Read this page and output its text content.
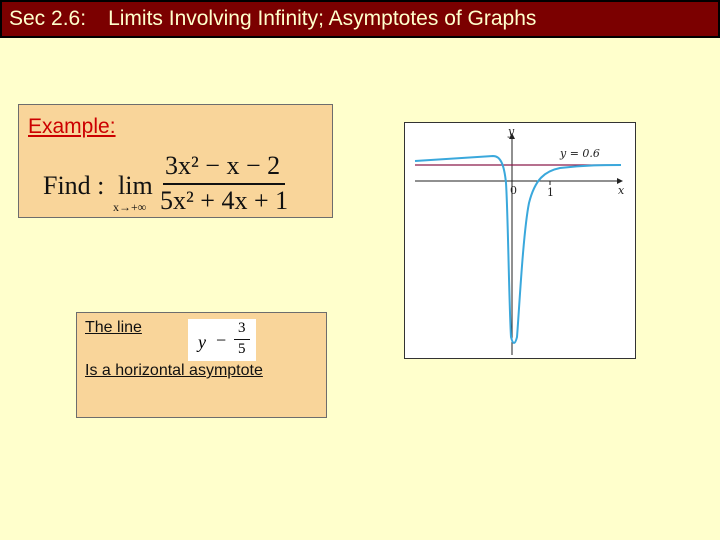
Sec 2.6: Limits Involving Infinity; Asymptotes of Graphs
Example:
Find : lim
x→+∞
3x² − x − 2
5x² + 4x + 1
The line
y −
3
5
Is a horizontal asymptote
y
x
0	1
y = 0.6
